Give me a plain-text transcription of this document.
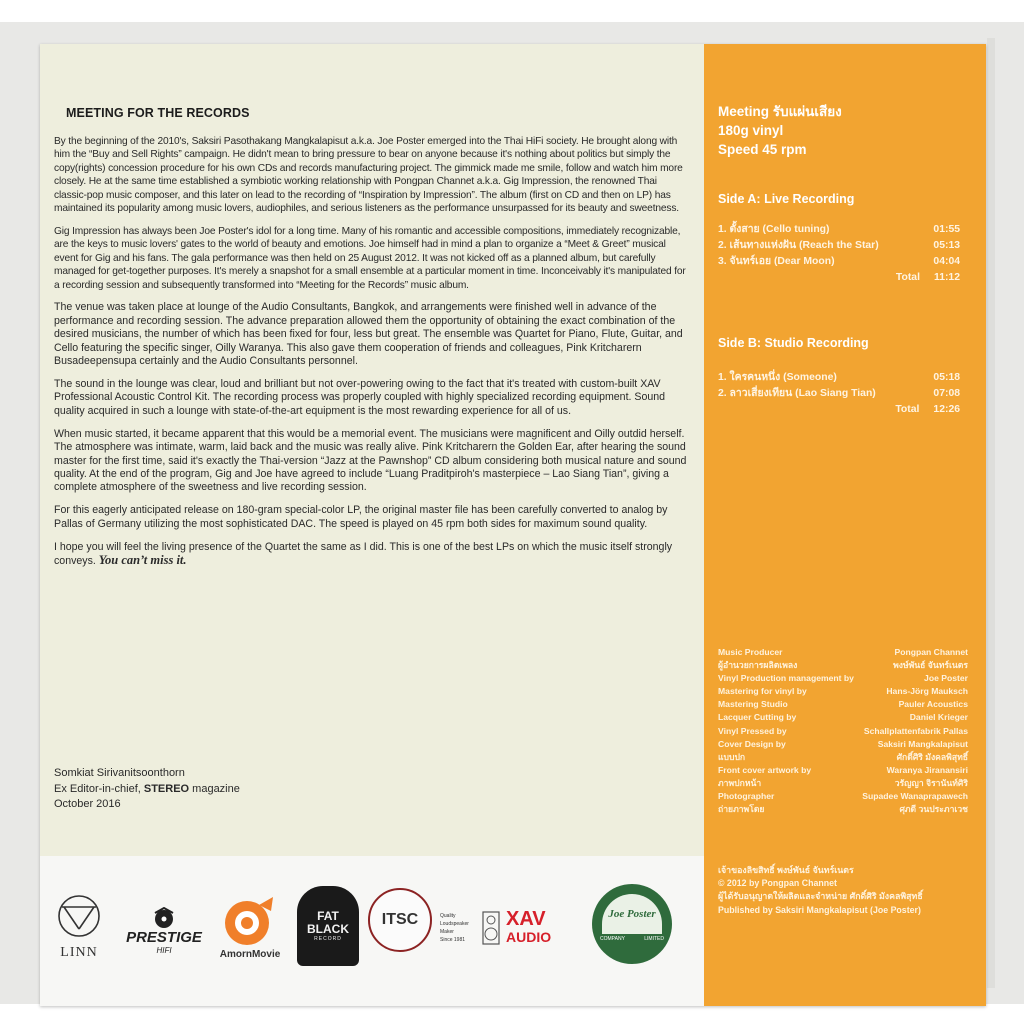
MEETING FOR THE RECORDS

By the beginning of the 2010's, Saksiri Pasothakang Mangkalapisut a.k.a. Joe Poster emerged into the Thai HiFi society. He brought along with him the “Buy and Sell Rights” campaign. He didn't mean to bring pressure to bear on anyone because it's nothing about politics but simply the copy(rights) concession procedure for his own CDs and records manufacturing project. The gimmick made me smile, follow and watch him more closely. He at the same time established a symbiotic working relationship with Pongpan Channet a.k.a. Gig Impression, the renowned Thai classic-pop music composer, and this later on lead to the recording of “Inspiration by Impression”. The album (first on CD and then on LP) has maintained its popularity among music lovers, audiophiles, and serious listeners as the performance unsurpassed for its beauty and sweetness.

Gig Impression has always been Joe Poster's idol for a long time. Many of his romantic and accessible compositions, immediately recognizable, are the keys to music lovers' gates to the world of beauty and emotions. Joe himself had in mind a plan to organize a “Meet & Greet” musical event for Gig and his fans. The gala performance was then held on 25 August 2012. It was not kicked off as a planned album, but carefully managed for get-together purposes. It's merely a snapshot for a small ensemble at a particular moment in time. Inconceivably it's manipulated for a recording session and subsequently transformed into “Meeting for the Records” music album.

The venue was taken place at lounge of the Audio Consultants, Bangkok, and arrangements were finished well in advance of the performance and recording session. The advance preparation allowed them the opportunity of obtaining the exact combination of the desired musicians, the number of which has been fixed for four, less but great. The ensemble was Quartet for Piano, Flute, Guitar, and Cello featuring the specific singer, Oilly Waranya. This also gave them cooperation of friends and colleagues, Pink Kritcharern Busadeepensupa certainly and the Audio Consultants personnel.

The sound in the lounge was clear, loud and brilliant but not over-powering owing to the fact that it's treated with custom-built XAV Professional Acoustic Control Kit. The recording process was properly coupled with highly specialized recording equipment. Sound quality acquired in such a lounge with state-of-the-art equipment is the most rewarding experience for all of us.

When music started, it became apparent that this would be a memorial event. The musicians were magnificent and Oilly outdid herself. The atmosphere was intimate, warm, laid back and the music was really alive. Pink Kritcharern the Golden Ear, after hearing the sound master for the first time, said it's exactly the Thai-version “Jazz at the Pawnshop” CD album considering both musical nature and sound quality. At the end of the program, Gig and Joe have agreed to include “Luang Praditpiroh's masterpiece – Lao Siang Tian”, giving a complete atmosphere of the sweetness and live recording session.

For this eagerly anticipated release on 180-gram special-color LP, the original master file has been carefully converted to analog by Pallas of Germany utilizing the most sophisticated DAC. The speed is played on 45 rpm both sides for maximum sound quality.

I hope you will feel the living presence of the Quartet the same as I did. This is one of the best LPs on which the music itself strongly conveys. You can’t miss it.

Somkiat Sirivanitsoonthorn
Ex Editor-in-chief, STEREO magazine
October 2016
LINN
PRESTIGE
HIFI	AmornMovie
FAT
BLACK
RECORD
ITSC	Quality Loudspeaker
Maker
Since 1981
XAV
AUDIO
Joe Poster
COMPANY	LIMITED
Meeting รับแผ่นเสียง
180g vinyl
Speed 45 rpm
Side A: Live Recording
1. ตั้งสาย (Cello tuning)	01:55
2. เส้นทางแห่งฝัน (Reach the Star)	05:13
3. จันทร์เอย (Dear Moon)	04:04
Total 11:12
Side B: Studio Recording
1. ใครคนหนึ่ง (Someone)	05:18
2. ลาวเสี่ยงเทียน (Lao Siang Tian)	07:08
Total 12:26
Music Producer	Pongpan Channet
ผู้อำนวยการผลิตเพลง	พงษ์พันธ์ จันทร์เนตร
Vinyl Production management by	Joe Poster
Mastering for vinyl by	Hans-Jörg Mauksch
Mastering Studio	Pauler Acoustics
Lacquer Cutting by	Daniel Krieger
Vinyl Pressed by	Schallplattenfabrik Pallas
Cover Design by	Saksiri Mangkalapisut
แบบปก	ศักดิ์ศิริ มังคลพิสุทธิ์
Front cover artwork by	Waranya Jiranansiri
ภาพปกหน้า	วรัญญา จิรานันท์ศิริ
Photographer	Supadee Wanaprapawech
ถ่ายภาพโดย	ศุภดี วนประภาเวช
เจ้าของลิขสิทธิ์ พงษ์พันธ์ จันทร์เนตร
© 2012 by Pongpan Channet
ผู้ได้รับอนุญาตให้ผลิตและจำหน่าย ศักดิ์ศิริ มังคลพิสุทธิ์
Published by Saksiri Mangkalapisut (Joe Poster)
